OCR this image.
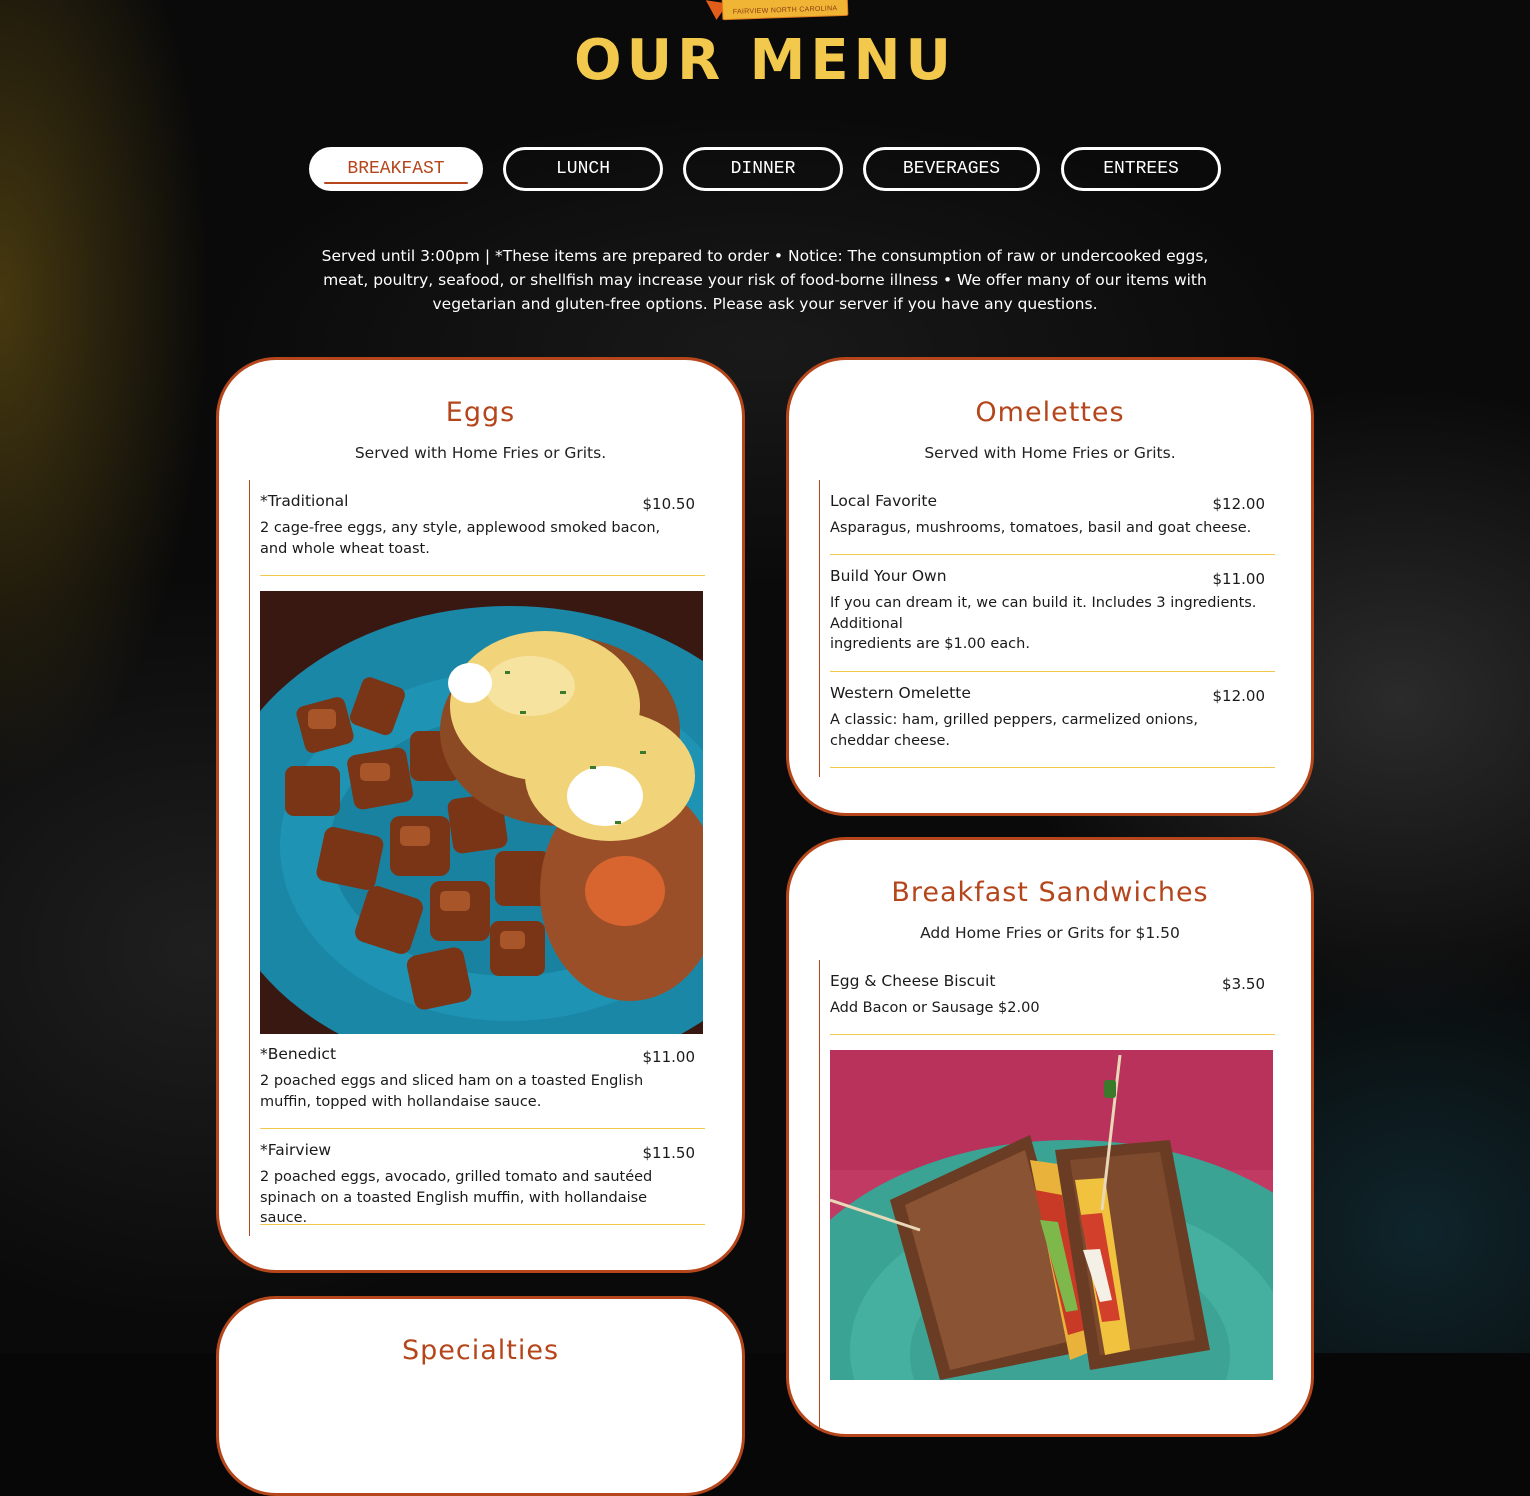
FAIRVIEW NORTH CAROLINA
OUR MENU
BREAKFAST	LUNCH	DINNER	BEVERAGES	ENTREES

Served until 3:00pm | *These items are prepared to order • Notice: The consumption of raw or undercooked eggs, meat, poultry, seafood, or shellfish may increase your risk of food-borne illness • We offer many of our items with vegetarian and gluten-free options. Please ask your server if you have any questions.

Eggs

Served with Home Fries or Grits.

*Traditional	$10.50
2 cage-free eggs, any style, applewood smoked bacon, and whole wheat toast.
*Benedict	$11.00
2 poached eggs and sliced ham on a toasted English muffin, topped with hollandaise sauce.
*Fairview	$11.50
2 poached eggs, avocado, grilled tomato and sautéed spinach on a toasted English muffin, with hollandaise sauce.
Specialties
Omelettes

Served with Home Fries or Grits.

Local Favorite	$12.00
Asparagus, mushrooms, tomatoes, basil and goat cheese.
Build Your Own	$11.00
If you can dream it, we can build it. Includes 3 ingredients. Additional
ingredients are $1.00 each.
Western Omelette	$12.00
A classic: ham, grilled peppers, carmelized onions, cheddar cheese.
Breakfast Sandwiches

Add Home Fries or Grits for $1.50

Egg & Cheese Biscuit	$3.50
Add Bacon or Sausage $2.00
